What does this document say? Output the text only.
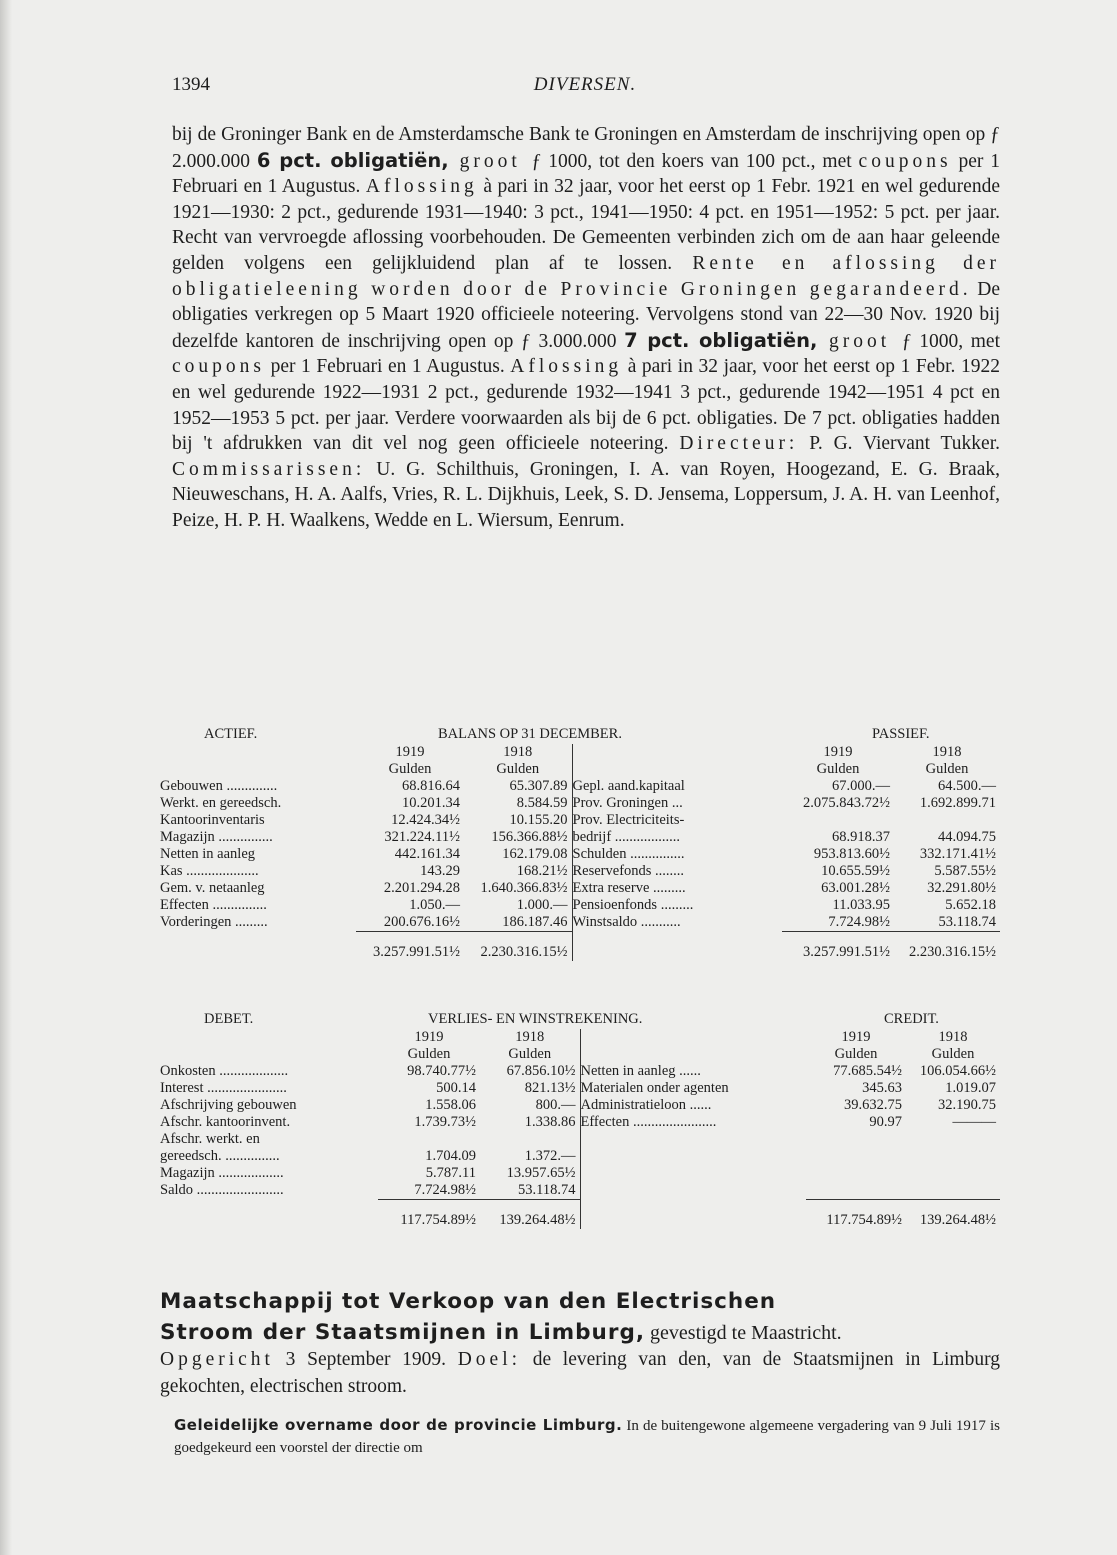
1394	DIVERSEN.

bij de Groninger Bank en de Amsterdamsche Bank te Groningen en Amsterdam de inschrijving open op ƒ 2.000.000 6 pct. obligatiën, groot ƒ 1000, tot den koers van 100 pct., met coupons per 1 Februari en 1 Augustus. Aflossing à pari in 32 jaar, voor het eerst op 1 Febr. 1921 en wel gedurende 1921—1930: 2 pct., gedurende 1931—1940: 3 pct., 1941—1950: 4 pct. en 1951—1952: 5 pct. per jaar. Recht van vervroegde aflossing voorbehouden. De Gemeenten verbinden zich om de aan haar geleende gelden volgens een gelijkluidend plan af te lossen. Rente en aflossing der obligatieleening worden door de Provincie Groningen gegarandeerd. De obligaties verkregen op 5 Maart 1920 officieele noteering. Vervolgens stond van 22—30 Nov. 1920 bij dezelfde kantoren de inschrijving open op ƒ 3.000.000 7 pct. obligatiën, groot ƒ 1000, met coupons per 1 Februari en 1 Augustus. Aflossing à pari in 32 jaar, voor het eerst op 1 Febr. 1922 en wel gedurende 1922—1931 2 pct., gedurende 1932—1941 3 pct., gedurende 1942—1951 4 pct en 1952—1953 5 pct. per jaar. Verdere voorwaarden als bij de 6 pct. obligaties. De 7 pct. obligaties hadden bij 't afdrukken van dit vel nog geen officieele noteering. Directeur: P. G. Viervant Tukker. Commissarissen: U. G. Schilthuis, Groningen, I. A. van Royen, Hoogezand, E. G. Braak, Nieuweschans, H. A. Aalfs, Vries, R. L. Dijkhuis, Leek, S. D. Jensema, Loppersum, J. A. H. van Leenhof, Peize, H. P. H. Waalkens, Wedde en L. Wiersum, Eenrum.

ACTIEF.	BALANS OP 31 DECEMBER.	PASSIEF.
	1919	1918		1919	1918
	Gulden	Gulden		Gulden	Gulden
Gebouwen ..............	68.816.64	65.307.89	Gepl. aand.kapitaal	67.000.—	64.500.—
Werkt. en gereedsch.	10.201.34	8.584.59	Prov. Groningen ...	2.075.843.72½	1.692.899.71
Kantoorinventaris	12.424.34½	10.155.20	Prov. Electriciteits-		
Magazijn ...............	321.224.11½	156.366.88½	bedrijf ..................	68.918.37	44.094.75
Netten in aanleg	442.161.34	162.179.08	Schulden ...............	953.813.60½	332.171.41½
Kas ....................	143.29	168.21½	Reservefonds ........	10.655.59½	5.587.55½
Gem. v. netaanleg	2.201.294.28	1.640.366.83½	Extra reserve .........	63.001.28½	32.291.80½
Effecten ...............	1.050.—	1.000.—	Pensioenfonds .........	11.033.95	5.652.18
Vorderingen .........	200.676.16½	186.187.46	Winstsaldo ...........	7.724.98½	53.118.74
	3.257.991.51½	2.230.316.15½		3.257.991.51½	2.230.316.15½
DEBET.	VERLIES- EN WINSTREKENING.	CREDIT.
	1919	1918		1919	1918
	Gulden	Gulden		Gulden	Gulden
Onkosten ...................	98.740.77½	67.856.10½	Netten in aanleg ......	77.685.54½	106.054.66½
Interest ......................	500.14	821.13½	Materialen onder agenten	345.63	1.019.07
Afschrijving gebouwen	1.558.06	800.—	Administratieloon ......	39.632.75	32.190.75
Afschr. kantoorinvent.	1.739.73½	1.338.86	Effecten .......................	90.97	———
Afschr. werkt. en					
gereedsch. ...............	1.704.09	1.372.—			
Magazijn ..................	5.787.11	13.957.65½			
Saldo ........................	7.724.98½	53.118.74			
	117.754.89½	139.264.48½		117.754.89½	139.264.48½

Maatschappij tot Verkoop van den Electrischen

Stroom der Staatsmijnen in Limburg, gevestigd te Maastricht.

Opgericht 3 September 1909. Doel: de levering van den, van de Staatsmijnen in Limburg gekochten, electrischen stroom.

Geleidelijke overname door de provincie Limburg. In de buitengewone algemeene vergadering van 9 Juli 1917 is goedgekeurd een voorstel der directie om
